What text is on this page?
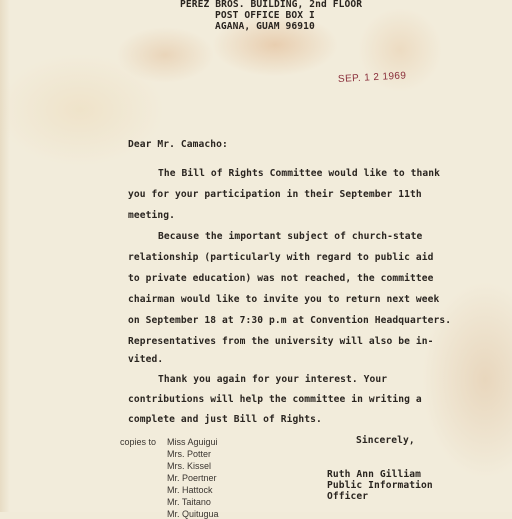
PEREZ BROS. BUILDING, 2nd FLOOR

POST OFFICE BOX I

AGANA, GUAM 96910

SEP. 1 2 1969

Dear Mr. Camacho:

The Bill of Rights Committee would like to thank

you for your participation in their September 11th

meeting.

Because the important subject of church-state

relationship (particularly with regard to public aid

to private education) was not reached, the committee

chairman would like to invite you to return next week

on September 18 at 7:30 p.m at Convention Headquarters.

Representatives from the university will also be in-

vited.

Thank you again for your interest. Your

contributions will help the committee in writing a

complete and just Bill of Rights.

Sincerely,

Ruth Ann Gilliam

Public Information

Officer

copies to Miss Aguigui

Mrs. Potter

Mrs. Kissel

Mr. Poertner

Mr. Hattock

Mr. Taitano

Mr. Quitugua
